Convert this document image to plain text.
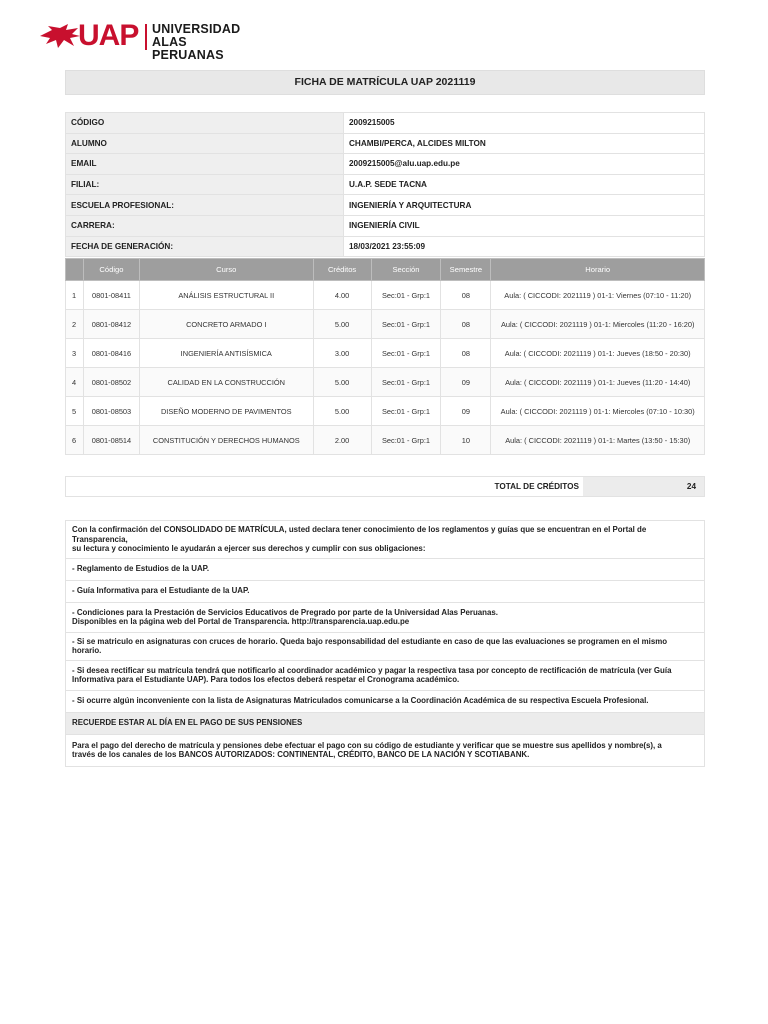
UAP UNIVERSIDAD
ALAS PERUANAS
FICHA DE MATRÍCULA UAP 2021119
CÓDIGO	2009215005
ALUMNO	CHAMBI/PERCA, ALCIDES MILTON
EMAIL	2009215005@alu.uap.edu.pe
FILIAL:	U.A.P. SEDE TACNA
ESCUELA PROFESIONAL:	INGENIERÍA Y ARQUITECTURA
CARRERA:	INGENIERÍA CIVIL
FECHA DE GENERACIÓN:	18/03/2021 23:55:09
	Código	Curso	Créditos	Sección	Semestre	Horario
1	0801-08411	ANÁLISIS ESTRUCTURAL II	4.00	Sec:01 - Grp:1	08	Aula: ( CICCODI: 2021119 ) 01-1: Viernes (07:10 - 11:20)
2	0801-08412	CONCRETO ARMADO I	5.00	Sec:01 - Grp:1	08	Aula: ( CICCODI: 2021119 ) 01-1: Miercoles (11:20 - 16:20)
3	0801-08416	INGENIERÍA ANTISÍSMICA	3.00	Sec:01 - Grp:1	08	Aula: ( CICCODI: 2021119 ) 01-1: Jueves (18:50 - 20:30)
4	0801-08502	CALIDAD EN LA CONSTRUCCIÓN	5.00	Sec:01 - Grp:1	09	Aula: ( CICCODI: 2021119 ) 01-1: Jueves (11:20 - 14:40)
5	0801-08503	DISEÑO MODERNO DE PAVIMENTOS	5.00	Sec:01 - Grp:1	09	Aula: ( CICCODI: 2021119 ) 01-1: Miercoles (07:10 - 10:30)
6	0801-08514	CONSTITUCIÓN Y DERECHOS HUMANOS	2.00	Sec:01 - Grp:1	10	Aula: ( CICCODI: 2021119 ) 01-1: Martes (13:50 - 15:30)
TOTAL DE CRÉDITOS	24
Con la confirmación del CONSOLIDADO DE MATRÍCULA, usted declara tener conocimiento de los reglamentos y guías que se encuentran en el Portal de Transparencia,
su lectura y conocimiento le ayudarán a ejercer sus derechos y cumplir con sus obligaciones:
- Reglamento de Estudios de la UAP.
- Guía Informativa para el Estudiante de la UAP.
- Condiciones para la Prestación de Servicios Educativos de Pregrado por parte de la Universidad Alas Peruanas.
Disponibles en la página web del Portal de Transparencia. http://transparencia.uap.edu.pe
- Si se matriculo en asignaturas con cruces de horario. Queda bajo responsabilidad del estudiante en caso de que las evaluaciones se programen en el mismo horario.
- Si desea rectificar su matrícula tendrá que notificarlo al coordinador académico y pagar la respectiva tasa por concepto de rectificación de matrícula (ver Guía
Informativa para el Estudiante UAP). Para todos los efectos deberá respetar el Cronograma académico.
- Si ocurre algún inconveniente con la lista de Asignaturas Matriculados comunicarse a la Coordinación Académica de su respectiva Escuela Profesional.
RECUERDE ESTAR AL DÍA EN EL PAGO DE SUS PENSIONES
Para el pago del derecho de matrícula y pensiones debe efectuar el pago con su código de estudiante y verificar que se muestre sus apellidos y nombre(s), a
través de los canales de los BANCOS AUTORIZADOS: CONTINENTAL, CRÉDITO, BANCO DE LA NACIÓN Y SCOTIABANK.
